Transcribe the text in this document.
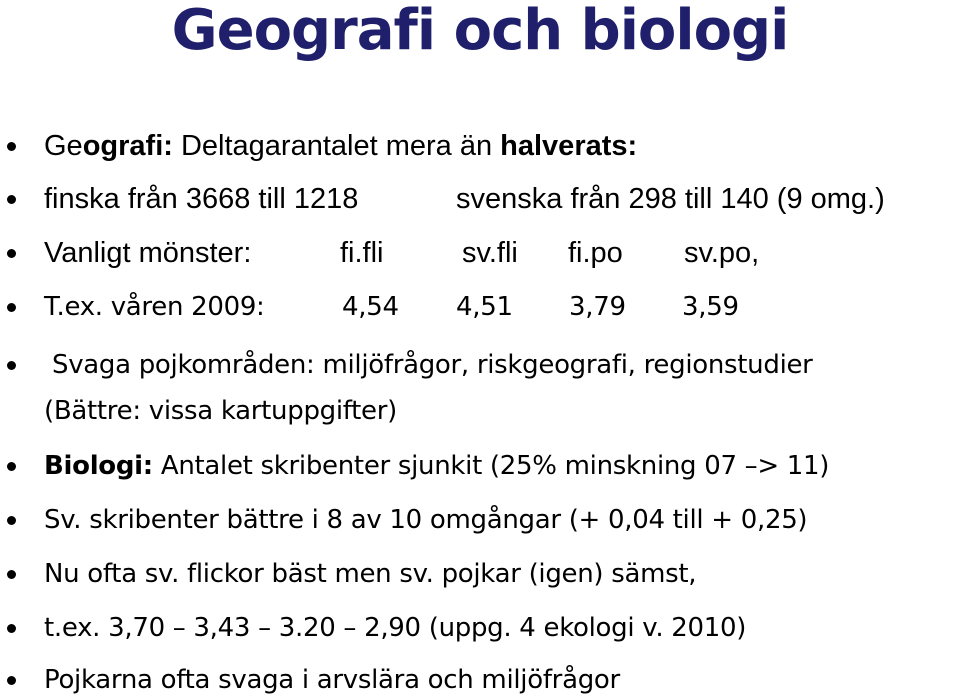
Geografi och biologi
Geografi: Deltagarantalet mera än halverats:
finska från 3668 till 1218	svenska från 298 till 140 (9 omg.)
Vanligt mönster:	fi.fli	sv.fli fi.po sv.po,
T.ex. våren 2009:	4,54 4,51 3,79 3,59
Svaga pojkområden: miljöfrågor, riskgeografi, regionstudier
(Bättre: vissa kartuppgifter)
Biologi: Antalet skribenter sjunkit (25% minskning 07 –> 11)
Sv. skribenter bättre i 8 av 10 omgångar (+ 0,04 till + 0,25)
Nu ofta sv. flickor bäst men sv. pojkar (igen) sämst,
t.ex. 3,70 – 3,43 – 3.20 – 2,90 (uppg. 4 ekologi v. 2010)
Pojkarna ofta svaga i arvslära och miljöfrågor
